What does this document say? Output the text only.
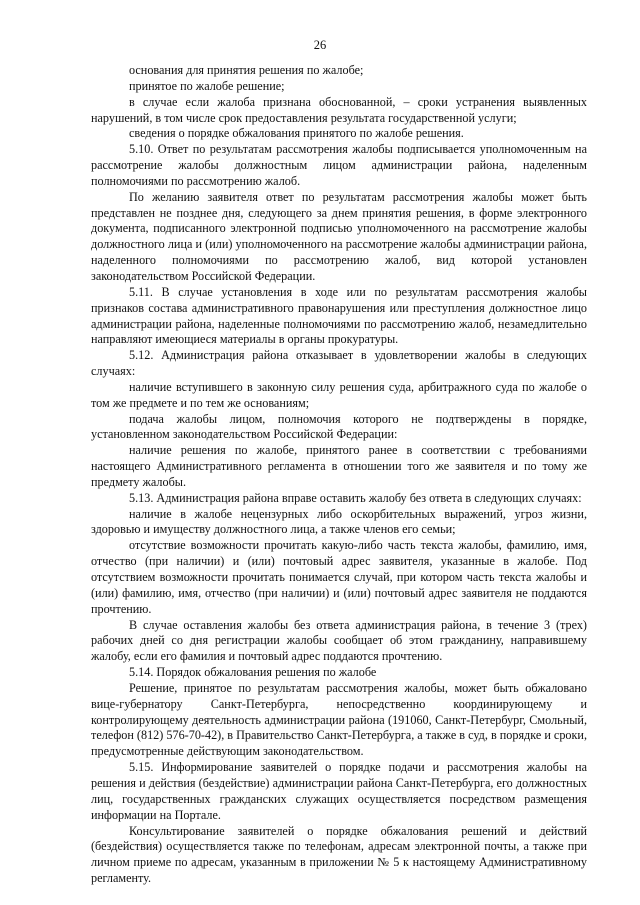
26

основания для принятия решения по жалобе;

принятое по жалобе решение;

в случае если жалоба признана обоснованной, – сроки устранения выявленных нарушений, в том числе срок предоставления результата государственной услуги;

сведения о порядке обжалования принятого по жалобе решения.

5.10. Ответ по результатам рассмотрения жалобы подписывается уполномоченным на рассмотрение жалобы должностным лицом администрации района, наделенным полномочиями по рассмотрению жалоб.

По желанию заявителя ответ по результатам рассмотрения жалобы может быть представлен не позднее дня, следующего за днем принятия решения, в форме электронного документа, подписанного электронной подписью уполномоченного на рассмотрение жалобы должностного лица и (или) уполномоченного на рассмотрение жалобы администрации района, наделенного полномочиями по рассмотрению жалоб, вид которой установлен законодательством Российской Федерации.

5.11. В случае установления в ходе или по результатам рассмотрения жалобы признаков состава административного правонарушения или преступления должностное лицо администрации района, наделенные полномочиями по рассмотрению жалоб, незамедлительно направляют имеющиеся материалы в органы прокуратуры.

5.12. Администрация района отказывает в удовлетворении жалобы в следующих случаях:

наличие вступившего в законную силу решения суда, арбитражного суда по жалобе о том же предмете и по тем же основаниям;

подача жалобы лицом, полномочия которого не подтверждены в порядке, установленном законодательством Российской Федерации:

наличие решения по жалобе, принятого ранее в соответствии с требованиями настоящего Административного регламента в отношении того же заявителя и по тому же предмету жалобы.

5.13. Администрация района вправе оставить жалобу без ответа в следующих случаях:

наличие в жалобе нецензурных либо оскорбительных выражений, угроз жизни, здоровью и имуществу должностного лица, а также членов его семьи;

отсутствие возможности прочитать какую-либо часть текста жалобы, фамилию, имя, отчество (при наличии) и (или) почтовый адрес заявителя, указанные в жалобе. Под отсутствием возможности прочитать понимается случай, при котором часть текста жалобы и (или) фамилию, имя, отчество (при наличии) и (или) почтовый адрес заявителя не поддаются прочтению.

В случае оставления жалобы без ответа администрация района, в течение 3 (трех) рабочих дней со дня регистрации жалобы сообщает об этом гражданину, направившему жалобу, если его фамилия и почтовый адрес поддаются прочтению.

5.14. Порядок обжалования решения по жалобе

Решение, принятое по результатам рассмотрения жалобы, может быть обжаловано вице-губернатору Санкт-Петербурга, непосредственно координирующему и контролирующему деятельность администрации района (191060, Санкт-Петербург, Смольный, телефон (812) 576-70-42), в Правительство Санкт-Петербурга, а также в суд, в порядке и сроки, предусмотренные действующим законодательством.

5.15. Информирование заявителей о порядке подачи и рассмотрения жалобы на решения и действия (бездействие) администрации района Санкт-Петербурга, его должностных лиц, государственных гражданских служащих осуществляется посредством размещения информации на Портале.

Консультирование заявителей о порядке обжалования решений и действий (бездействия) осуществляется также по телефонам, адресам электронной почты, а также при личном приеме по адресам, указанным в приложении № 5 к настоящему Административному регламенту.
